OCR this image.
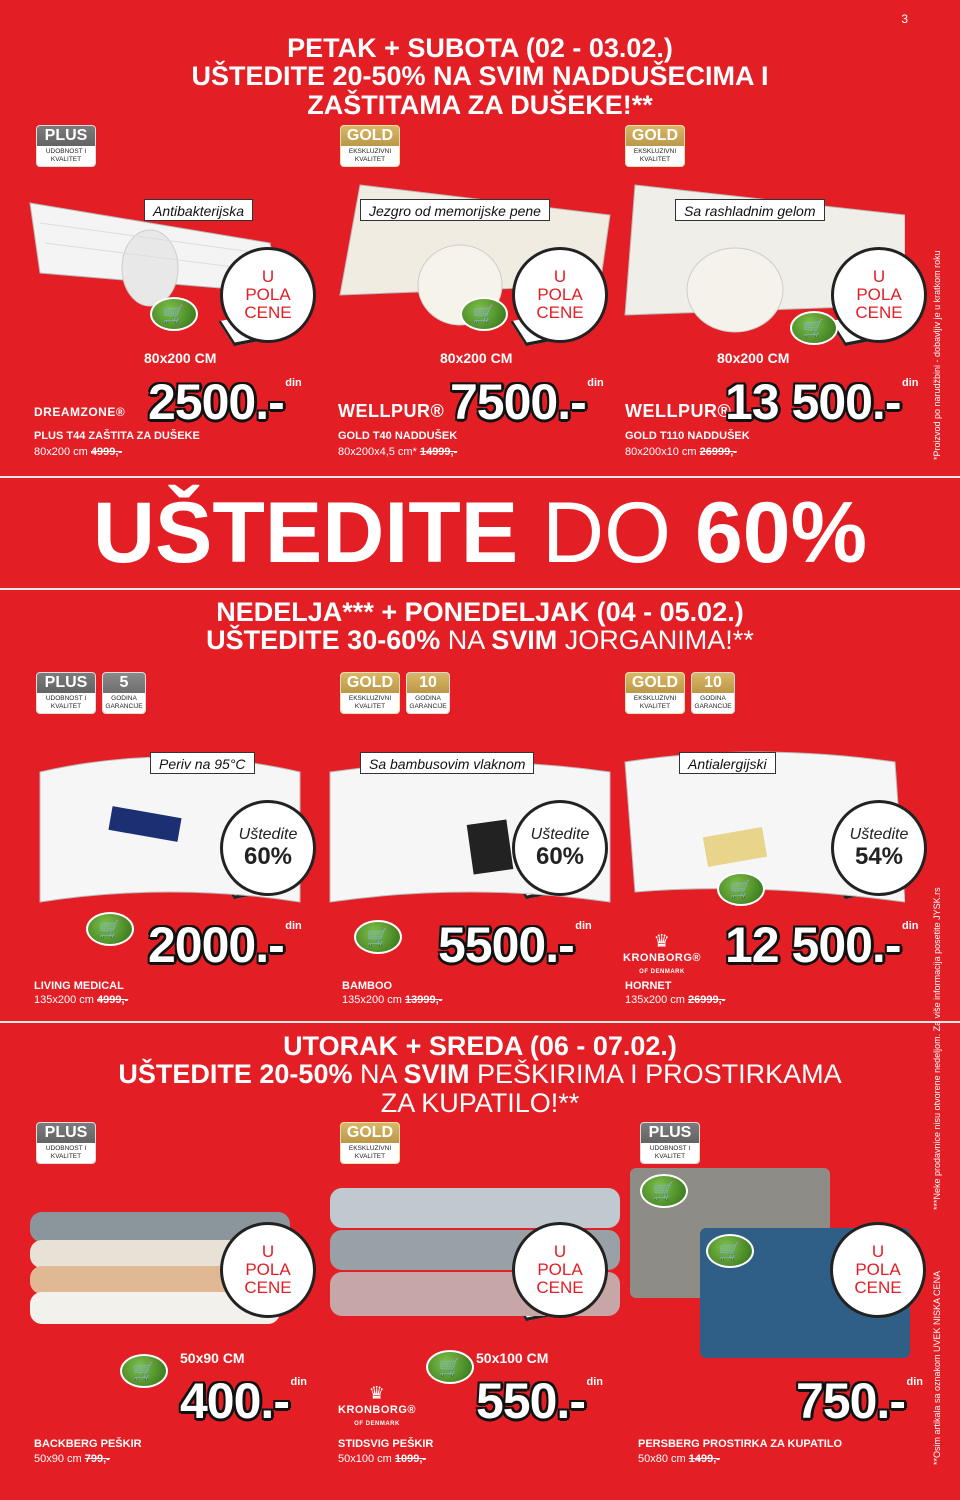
3
PETAK + SUBOTA (02 - 03.02.)
UŠTEDITE 20-50% NA SVIM NADDUŠECIMA I
ZAŠTITAMA ZA DUŠEKE!**
PLUS
UDOBNOST I KVALITET
Antibakterijska
U
POLA
CENE
🛒
80x200 CM
DREAMZONE® 2500.- din
PLUS T44 ZAŠTITA ZA DUŠEKE
80x200 cm 4999,-
GOLD
EKSKLUZIVNI KVALITET
Jezgro od memorijske pene
U
POLA
CENE
🛒
80x200 CM
WELLPUR® 7500.- din
GOLD T40 NADDUŠEK
80x200x4,5 cm* 14999,-
GOLD
EKSKLUZIVNI KVALITET
Sa rashladnim gelom
U
POLA
CENE
🛒
80x200 CM
WELLPUR®
13 500.- din
GOLD T110 NADDUŠEK
80x200x10 cm 26999,-
UŠTEDITE DO 60%
NEDELJA*** + PONEDELJAK (04 - 05.02.)
UŠTEDITE 30-60% NA SVIM JORGANIMA!**
PLUS
UDOBNOST I KVALITET
5
GODINA GARANCIJE
Periv na 95°C
Uštedite
60%
🛒 2000.- din
LIVING MEDICAL
135x200 cm 4999,-
GOLD
EKSKLUZIVNI KVALITET
10
GODINA GARANCIJE
Sa bambusovim vlaknom
Uštedite
60%
🛒 5500.- din
BAMBOO
135x200 cm 13999,-
GOLD
EKSKLUZIVNI KVALITET
10
GODINA GARANCIJE
Antialergijski
Uštedite
54%
🛒
♛
KRONBORG®
OF DENMARK 12 500.- din
HORNET
135x200 cm 26999,-
UTORAK + SREDA (06 - 07.02.)
UŠTEDITE 20-50% NA SVIM PEŠKIRIMA I PROSTIRKAMA
ZA KUPATILO!**
PLUS
UDOBNOST I KVALITET
U
POLA
CENE
🛒
50x90 CM
400.- din
BACKBERG PEŠKIR
50x90 cm 799,-
GOLD
EKSKLUZIVNI KVALITET
U
POLA
CENE
🛒	50x100 CM
♛
KRONBORG®
OF DENMARK	550.- din
STIDSVIG PEŠKIR
50x100 cm 1099,-
PLUS
UDOBNOST I KVALITET
🛒
🛒	U
POLA
CENE
750.- din
PERSBERG PROSTIRKA ZA KUPATILO
50x80 cm 1499,-
*Proizvod po narudžbini - dobavljiv je u kratkom roku
***Neke prodavnice nisu otvorene nedeljom. Za više informacija posetite JYSK.rs
**Osim artikala sa oznakom UVEK NISKA CENA
